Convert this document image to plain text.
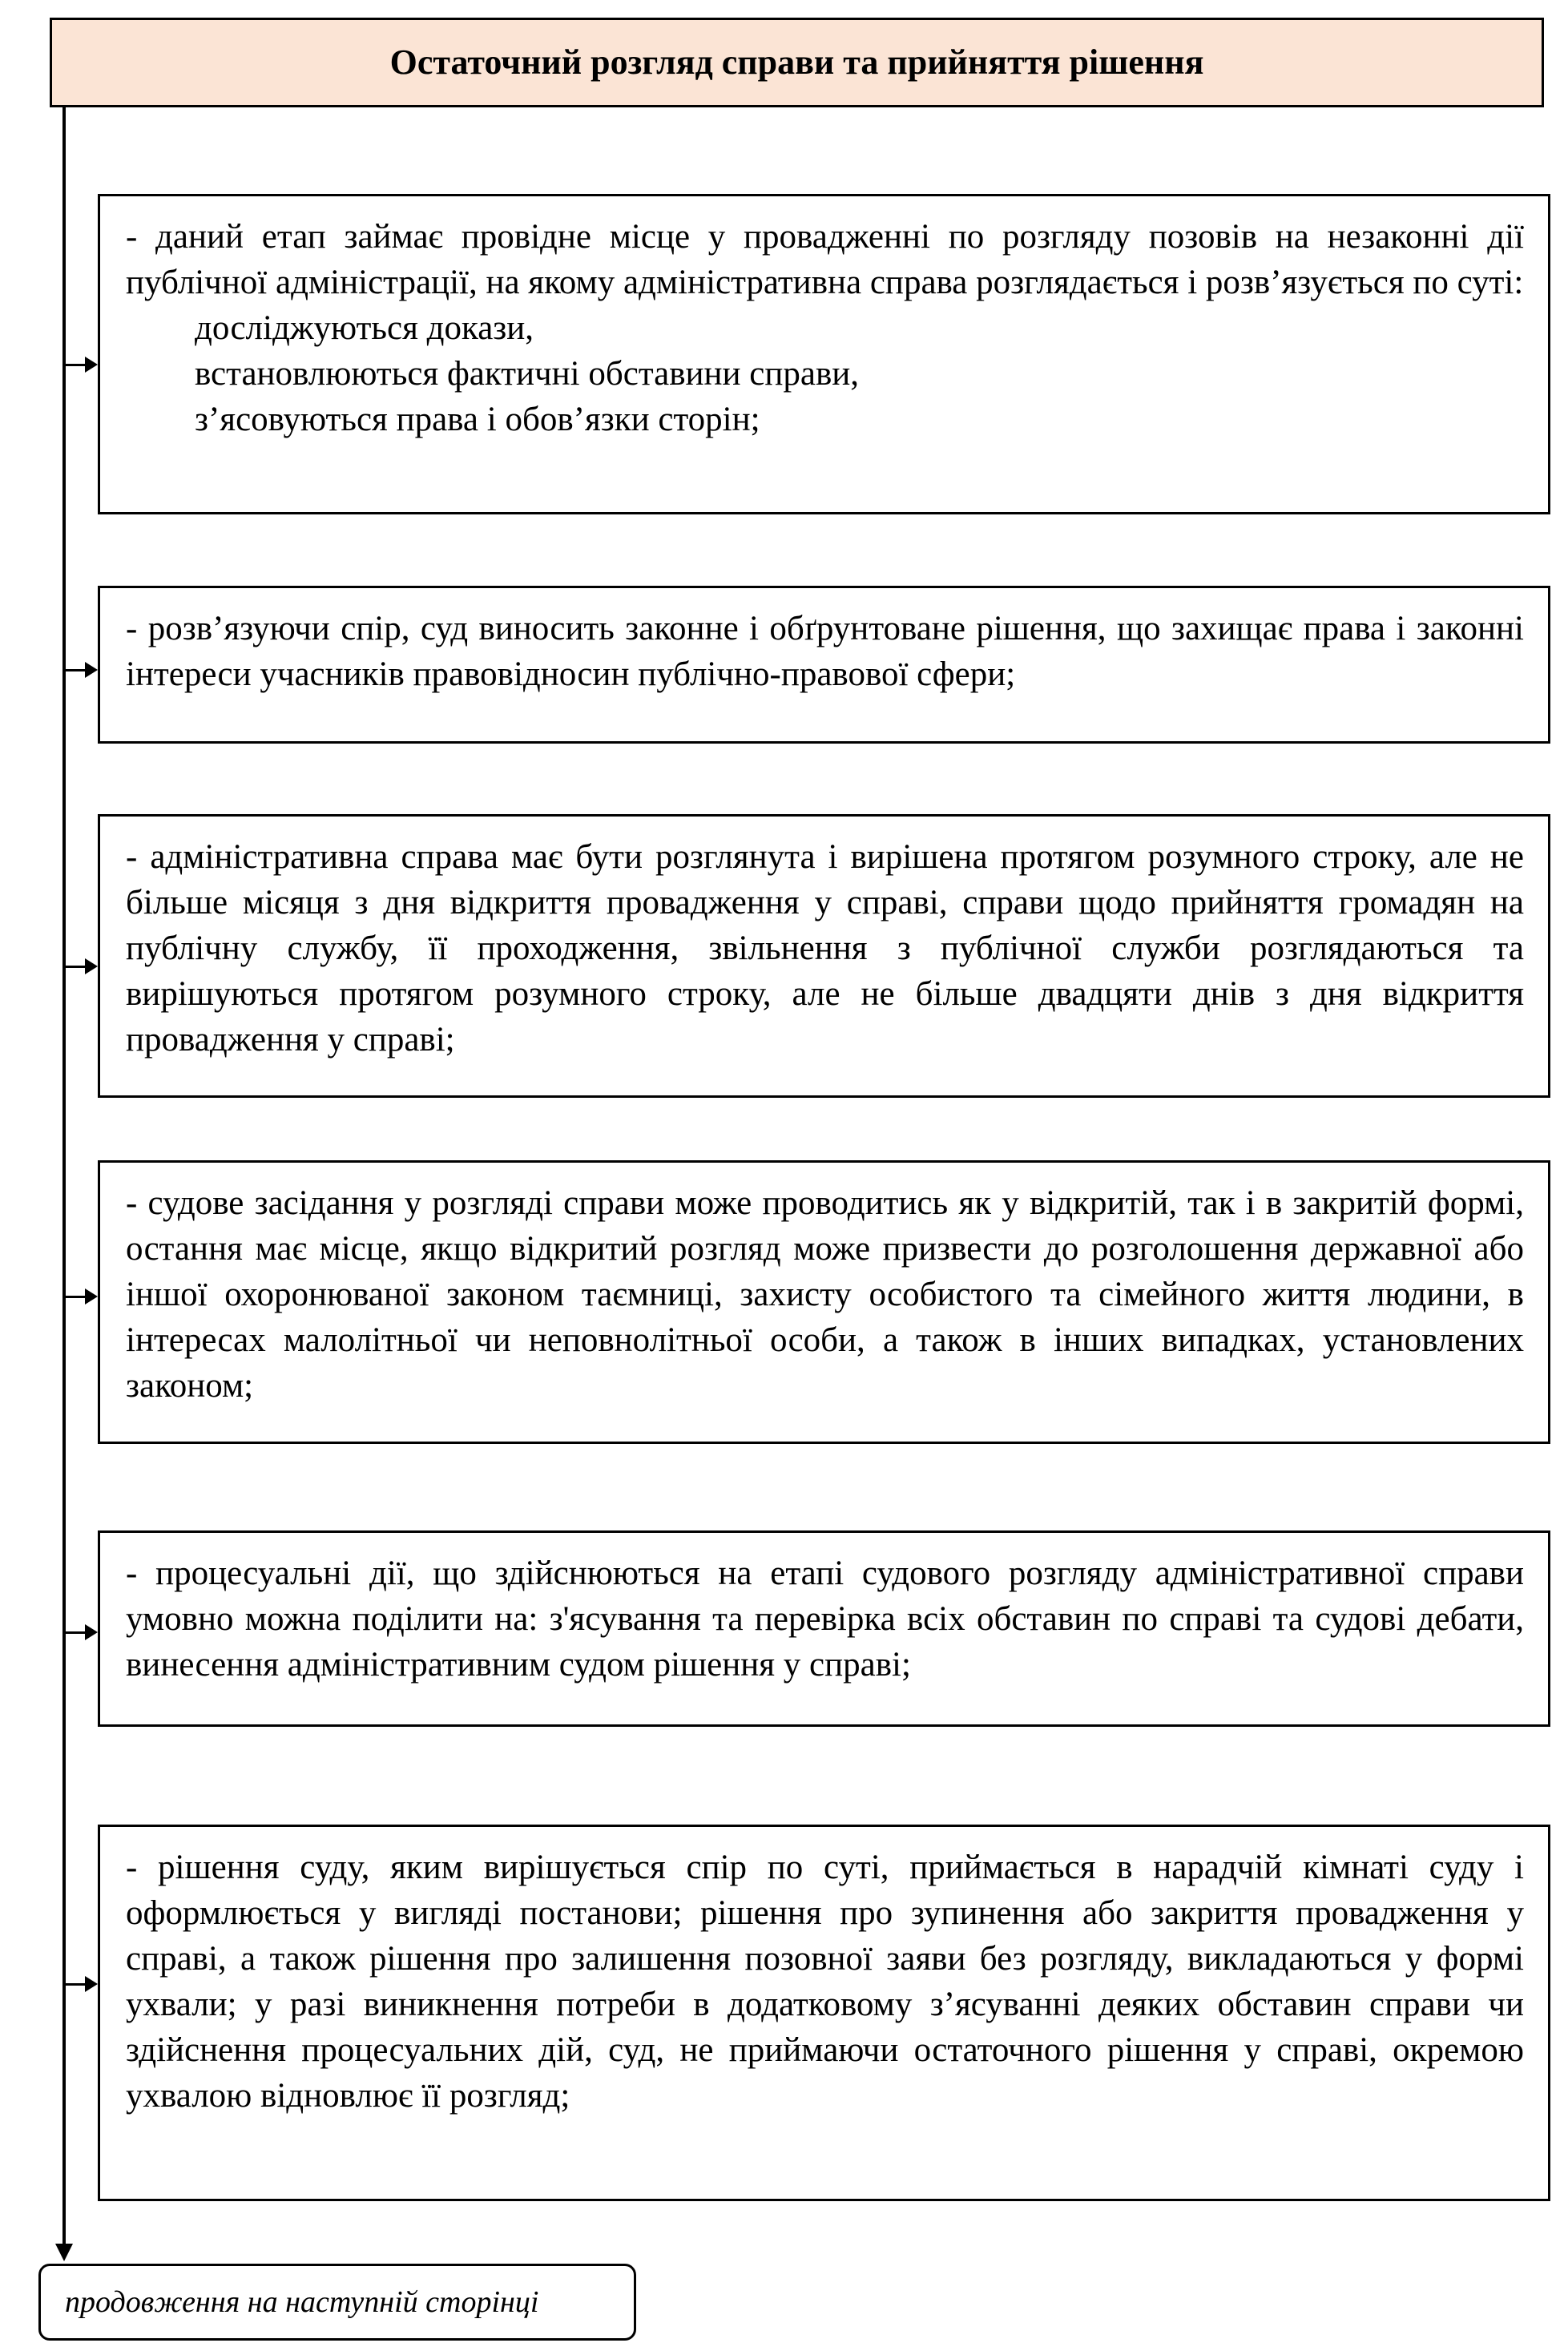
Остаточний розгляд справи та прийняття рішення

- даний етап займає провідне місце у провадженні по розгляду позовів на незаконні дії публічної адміністрації, на якому адміністративна справа розглядається і розв’язується по суті:

досліджуються докази,

встановлюються фактичні обставини справи,

з’ясовуються права і обов’язки сторін;

- розв’язуючи спір, суд виносить законне і обґрунтоване рішення, що захищає права і законні інтереси учасників правовідносин публічно-правової сфери;

- адміністративна справа має бути розглянута і вирішена протягом розумного строку, але не більше місяця з дня відкриття провадження у справі, справи щодо прийняття громадян на публічну службу, її проходження, звільнення з публічної служби розглядаються та вирішуються протягом розумного строку, але не більше двадцяти днів з дня відкриття провадження у справі;

- судове засідання у розгляді справи може проводитись як у відкритій, так і в закритій формі, остання має місце, якщо відкритий розгляд може призвести до розголошення державної або іншої охоронюваної законом таємниці, захисту особистого та сімейного життя людини, в інтересах малолітньої чи неповнолітньої особи, а також в інших випадках, установлених законом;

- процесуальні дії, що здійснюються на етапі судового розгляду адміністративної справи умовно можна поділити на: з'ясування та перевірка всіх обставин по справі та судові дебати, винесення адміністративним судом рішення у справі;

- рішення суду, яким вирішується спір по суті, приймається в нарадчій кімнаті суду і оформлюється у вигляді постанови; рішення про зупинення або закриття провадження у справі, а також рішення про залишення позовної заяви без розгляду, викладаються у формі ухвали; у разі виникнення потреби в додатковому з’ясуванні деяких обставин справи чи здійснення процесуальних дій, суд, не приймаючи остаточного рішення у справі, окремою ухвалою відновлює її розгляд;

продовження на наступній сторінці
